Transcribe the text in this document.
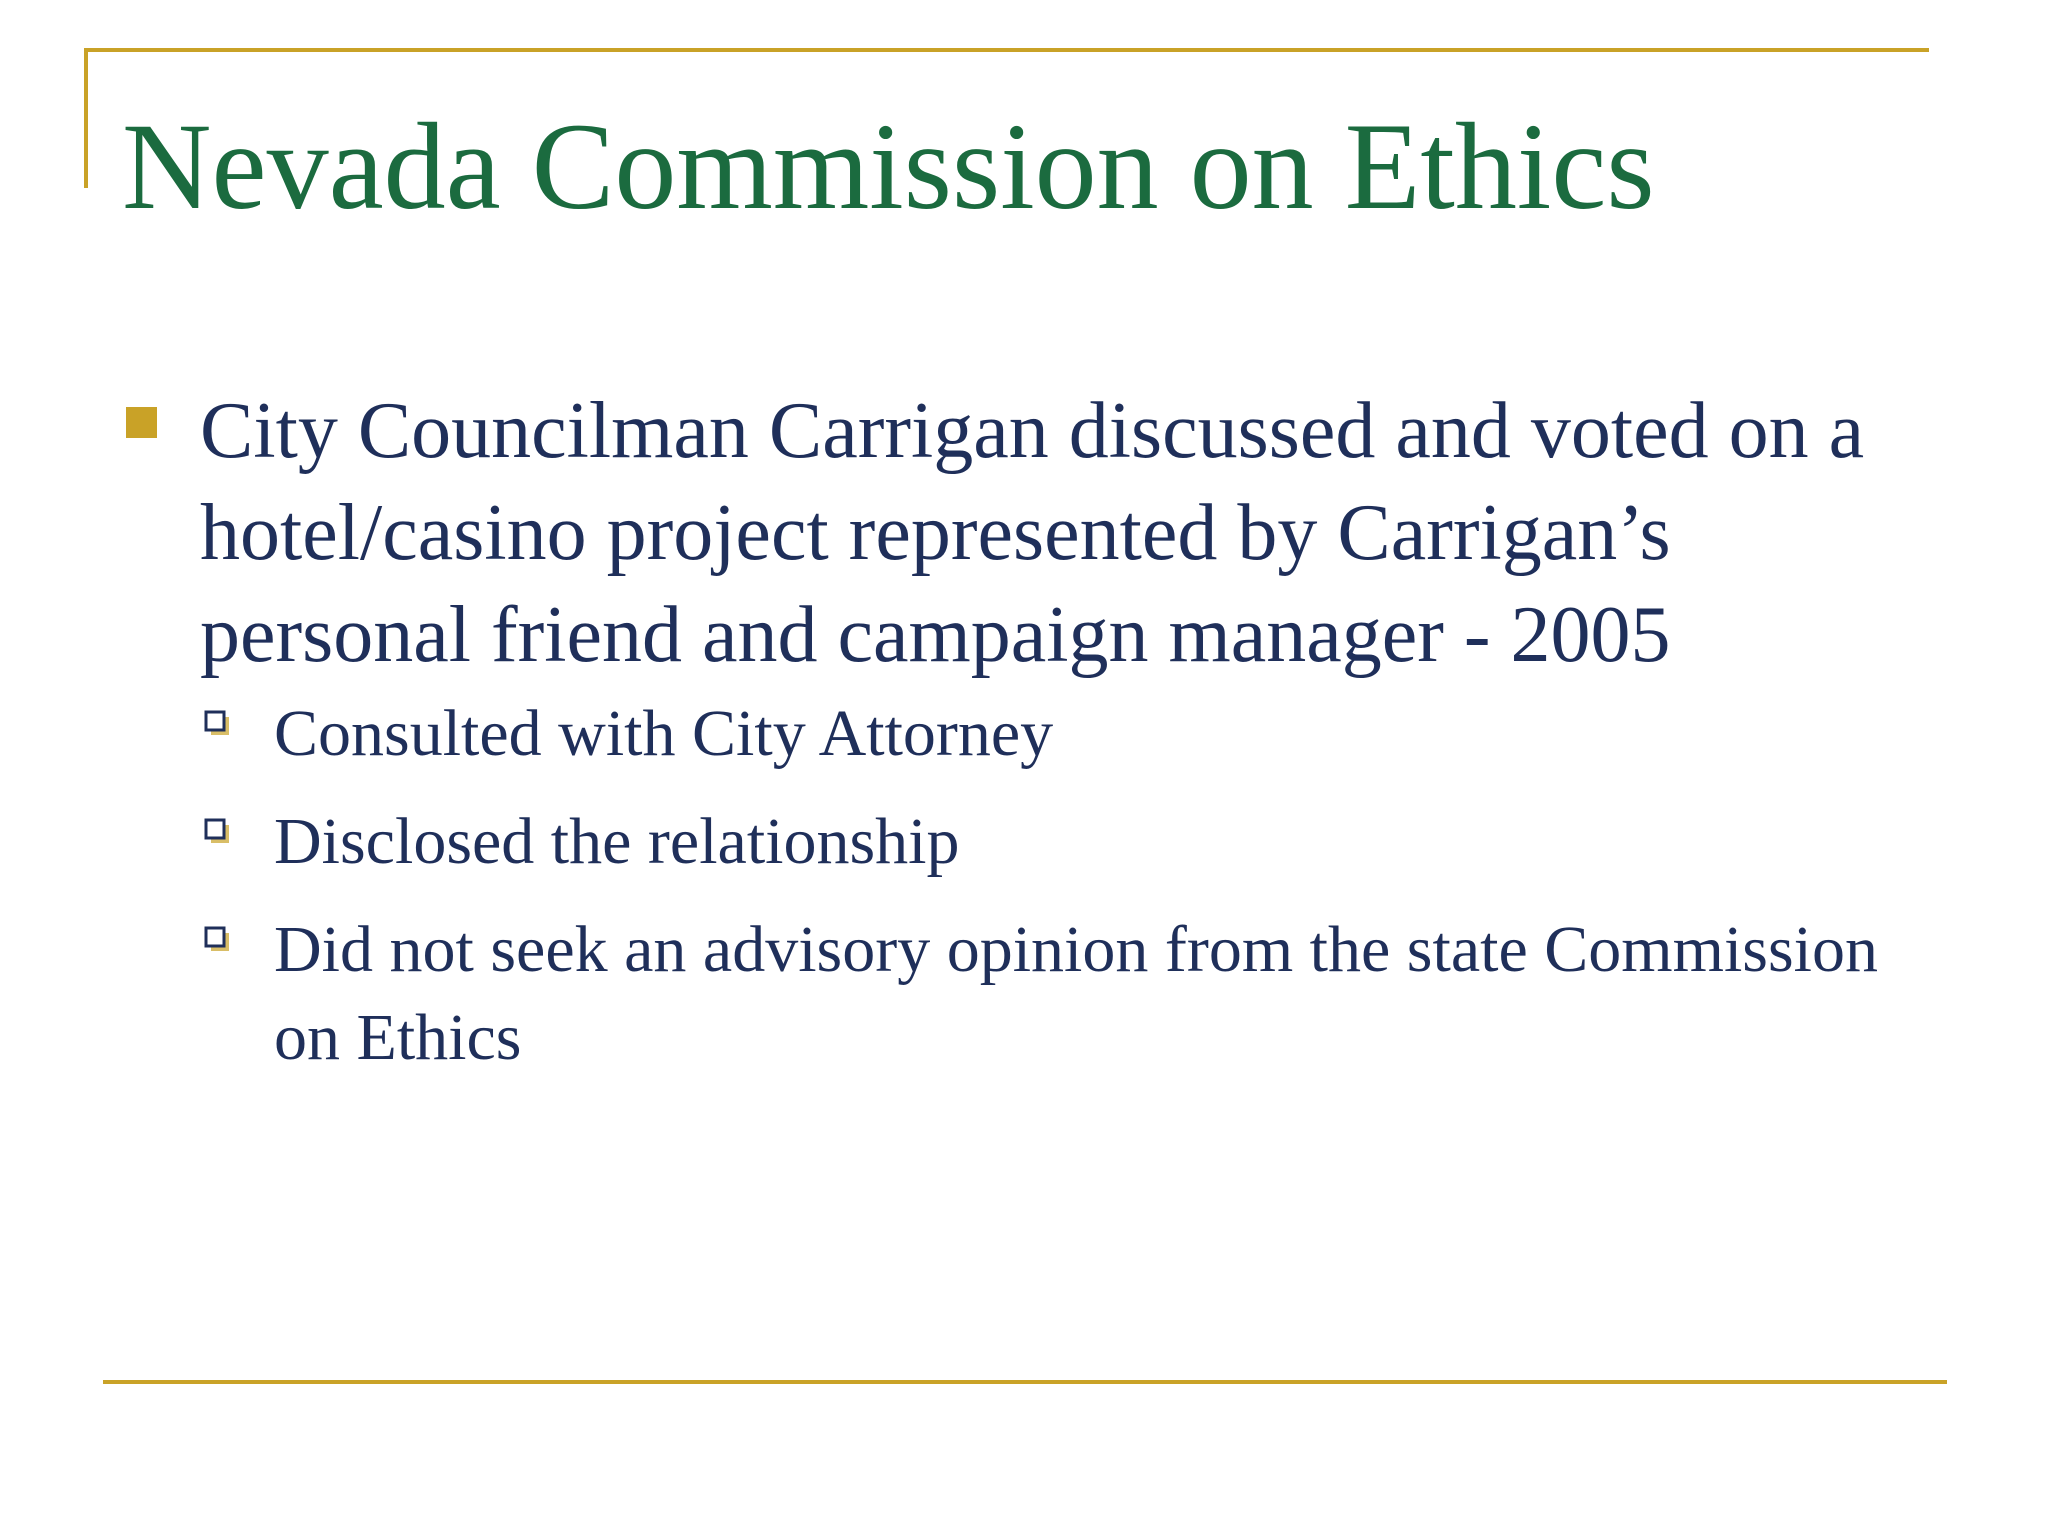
Nevada Commission on Ethics
City Councilman Carrigan discussed and voted on a hotel/casino project represented by Carrigan’s personal friend and campaign manager - 2005
Consulted with City Attorney
Disclosed the relationship
Did not seek an advisory opinion from the state Commission on Ethics
